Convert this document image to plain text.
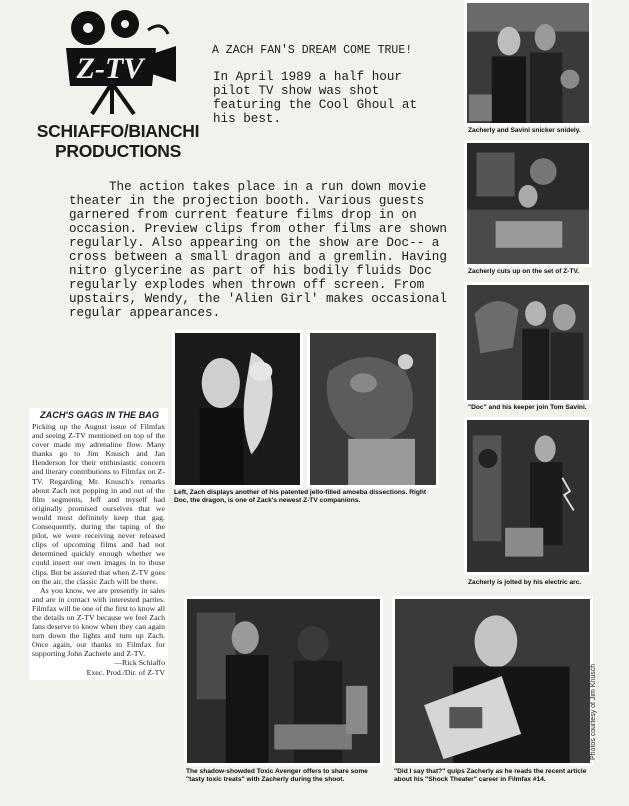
Z-TV
SCHIAFFO/BIANCHI
PRODUCTIONS
A ZACH FAN'S DREAM COME TRUE!
In April 1989 a half hour pilot TV show was shot featuring the Cool Ghoul at his best.
The action takes place in a run down movie theater in the projection booth. Various guests garnered from current feature films drop in on occasion. Preview clips from other films are shown regularly. Also appearing on the show are Doc-- a cross between a small dragon and a gremlin. Having nitro glycerine as part of his bodily fluids Doc regularly explodes when thrown off screen. From upstairs, Wendy, the 'Alien Girl' makes occasional regular appearances.
Zacherly and Savini snicker snidely.
Zacherly cuts up on the set of Z-TV.
"Doc" and his keeper join Tom Savini.
Zacherly is jolted by his electric arc.
Left, Zach displays another of his patented jello-filled amoeba dissections. Right Doc, the dragon, is one of Zack's newest Z-TV companions.
The shadow-showded Toxic Avenger offers to share some "tasty toxic treats" with Zacherly during the shoot.
"Did I say that?" quips Zacherly as he reads the recent article about his "Shock Theater" career in Filmfax #14.
Photos courtesy of Jim Knusch
ZACH'S GAGS IN THE BAG

Picking up the August issue of Filmfax and seeing Z-TV mentioned on top of the cover made my adrenaline flow. Many thanks go to Jim Knusch and Jan Henderson for their enthusiastic concern and literary contributions to Filmfax on Z-TV. Regarding Mr. Knusch's remarks about Zach not popping in and out of the film segments, Jeff and myself had originally promised ourselves that we would most definitely keep that gag. Consequently, during the taping of the pilot, we were receiving never released clips of upcoming films and had not determined quickly enough whether we could insert our own images in to those clips. But be assured that when Z-TV goes on the air, the classic Zach will be there.

As you know, we are presently in sales and are in contact with interested parties. Filmfax will be one of the first to know all the details on Z-TV because we feel Zach fans deserve to know when they can again turn down the lights and turn up Zach. Once again, our thanks to Filmfax for supporting John Zacherle and Z-TV.

—Rick Schiaffo
Exec. Prod./Dir. of Z-TV
